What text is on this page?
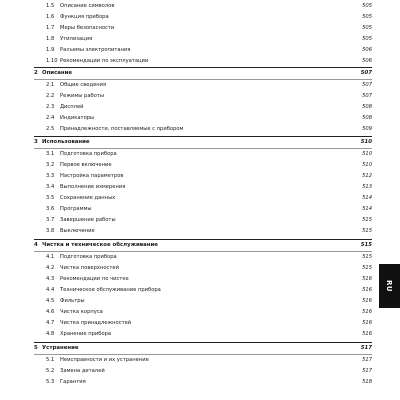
1.5 Описание символов	505
1.6 Функция прибора	505
1.7 Меры безопасности	505
1.8 Утилизация	505
1.9 Разъемы электропитания	506
1.10 Рекомендации по эксплуатации	506
2 Описание	507
2.1 Общие сведения	507
2.2 Режимы работы	507
2.3 Дисплей	508
2.4 Индикаторы	508
2.5 Принадлежности, поставляемые с прибором	509
3 Использование	510
3.1 Подготовка прибора	510
3.2 Первое включение	510
3.3 Настройка параметров	512
3.4 Выполнение измерения	513
3.5 Сохранение данных	514
3.6 Программы	514
3.7 Завершение работы	515
3.8 Выключение	515
4 Чистка и техническое обслуживание	515
4.1 Подготовка прибора	515
4.2 Чистка поверхностей	515
4.3 Рекомендации по чистке	516
4.4 Техническое обслуживание прибора	516
4.5 Фильтры	516
4.6 Чистка корпуса	516
4.7 Чистка принадлежностей	516
4.8 Хранение прибора	516
5 Устранение	517
5.1 Неисправности и их устранение	517
5.2 Замена деталей	517
5.3 Гарантия	518
RU
